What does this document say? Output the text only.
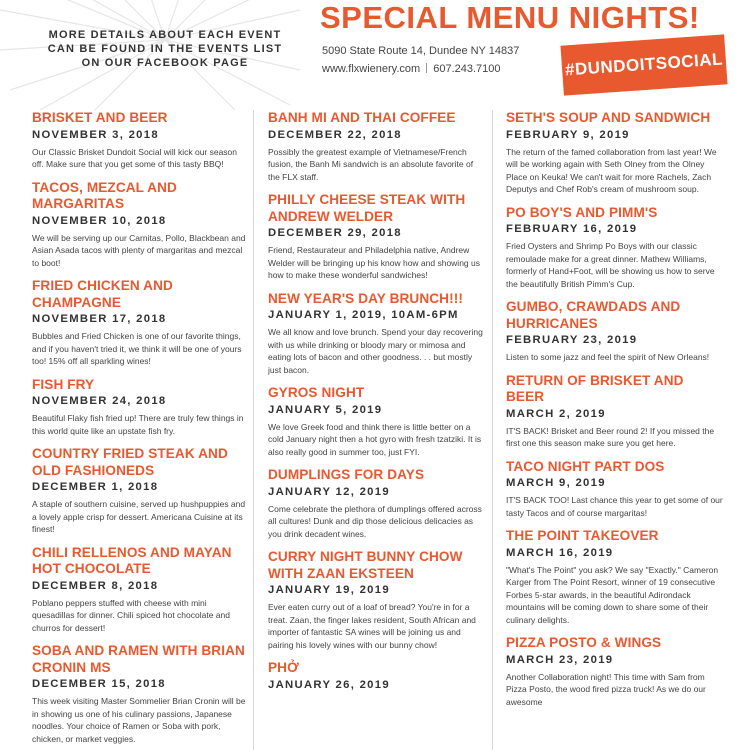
MORE DETAILS ABOUT EACH EVENT CAN BE FOUND IN THE EVENTS LIST ON OUR FACEBOOK PAGE
SPECIAL MENU NIGHTS!
5090 State Route 14, Dundee NY 14837
www.flxwienery.com 607.243.7100	#DUNDOITSOCIAL
BRISKET AND BEER
NOVEMBER 3, 2018
Our Classic Brisket Dundoit Social will kick our season off. Make sure that you get some of this tasty BBQ!
TACOS, MEZCAL AND MARGARITAS
NOVEMBER 10, 2018
We will be serving up our Carnitas, Pollo, Blackbean and Asian Asada tacos with plenty of margaritas and mezcal to boot!
FRIED CHICKEN AND CHAMPAGNE
NOVEMBER 17, 2018
Bubbles and Fried Chicken is one of our favorite things, and if you haven't tried it, we think it will be one of yours too! 15% off all sparkling wines!
FISH FRY
NOVEMBER 24, 2018
Beautiful Flaky fish fried up! There are truly few things in this world quite like an upstate fish fry.
COUNTRY FRIED STEAK AND OLD FASHIONEDS
DECEMBER 1, 2018
A staple of southern cuisine, served up hushpuppies and a lovely apple crisp for dessert. Americana Cuisine at its finest!
CHILI RELLENOS AND MAYAN HOT CHOCOLATE
DECEMBER 8, 2018
Poblano peppers stuffed with cheese with mini quesadillas for dinner. Chili spiced hot chocolate and churros for dessert!
SOBA AND RAMEN WITH BRIAN CRONIN MS
DECEMBER 15, 2018
This week visiting Master Sommelier Brian Cronin will be in showing us one of his culinary passions, Japanese noodles. Your choice of Ramen or Soba with pork, chicken, or market veggies.
BANH MI AND THAI COFFEE
DECEMBER 22, 2018
Possibly the greatest example of Vietnamese/French fusion, the Banh Mi sandwich is an absolute favorite of the FLX staff.
PHILLY CHEESE STEAK WITH ANDREW WELDER
DECEMBER 29, 2018
Friend, Restaurateur and Philadelphia native, Andrew Welder will be bringing up his know how and showing us how to make these wonderful sandwiches!
NEW YEAR'S DAY BRUNCH!!!
JANUARY 1, 2019, 10AM-6PM
We all know and love brunch. Spend your day recovering with us while drinking or bloody mary or mimosa and eating lots of bacon and other goodness. . . but mostly just bacon.
GYROS NIGHT
JANUARY 5, 2019
We love Greek food and think there is little better on a cold January night then a hot gyro with fresh tzatziki. It is also really good in summer too, just FYI.
DUMPLINGS FOR DAYS
JANUARY 12, 2019
Come celebrate the plethora of dumplings offered across all cultures! Dunk and dip those delicious delicacies as you drink decadent wines.
CURRY NIGHT BUNNY CHOW WITH ZAAN EKSTEEN
JANUARY 19, 2019
Ever eaten curry out of a loaf of bread? You're in for a treat. Zaan, the finger lakes resident, South African and importer of fantastic SA wines will be joining us and pairing his lovely wines with our bunny chow!
PHỞ
JANUARY 26, 2019
SETH'S SOUP AND SANDWICH
FEBRUARY 9, 2019
The return of the famed collaboration from last year! We will be working again with Seth Olney from the Olney Place on Keuka! We can't wait for more Rachels, Zach Deputys and Chef Rob's cream of mushroom soup.
PO BOY'S AND PIMM'S
FEBRUARY 16, 2019
Fried Oysters and Shrimp Po Boys with our classic remoulade make for a great dinner. Mathew Williams, formerly of Hand+Foot, will be showing us how to serve the beautifully British Pimm's Cup.
GUMBO, CRAWDADS AND HURRICANES
FEBRUARY 23, 2019
Listen to some jazz and feel the spirit of New Orleans!
RETURN OF BRISKET AND BEER
MARCH 2, 2019
IT'S BACK! Brisket and Beer round 2! If you missed the first one this season make sure you get here.
TACO NIGHT PART DOS
MARCH 9, 2019
IT'S BACK TOO! Last chance this year to get some of our tasty Tacos and of course margaritas!
THE POINT TAKEOVER
MARCH 16, 2019
"What's The Point" you ask? We say "Exactly." Cameron Karger from The Point Resort, winner of 19 consecutive Forbes 5-star awards, in the beautiful Adirondack mountains will be coming down to share some of their culinary delights.
PIZZA POSTO & WINGS
MARCH 23, 2019
Another Collaboration night! This time with Sam from Pizza Posto, the wood fired pizza truck! As we do our awesome
